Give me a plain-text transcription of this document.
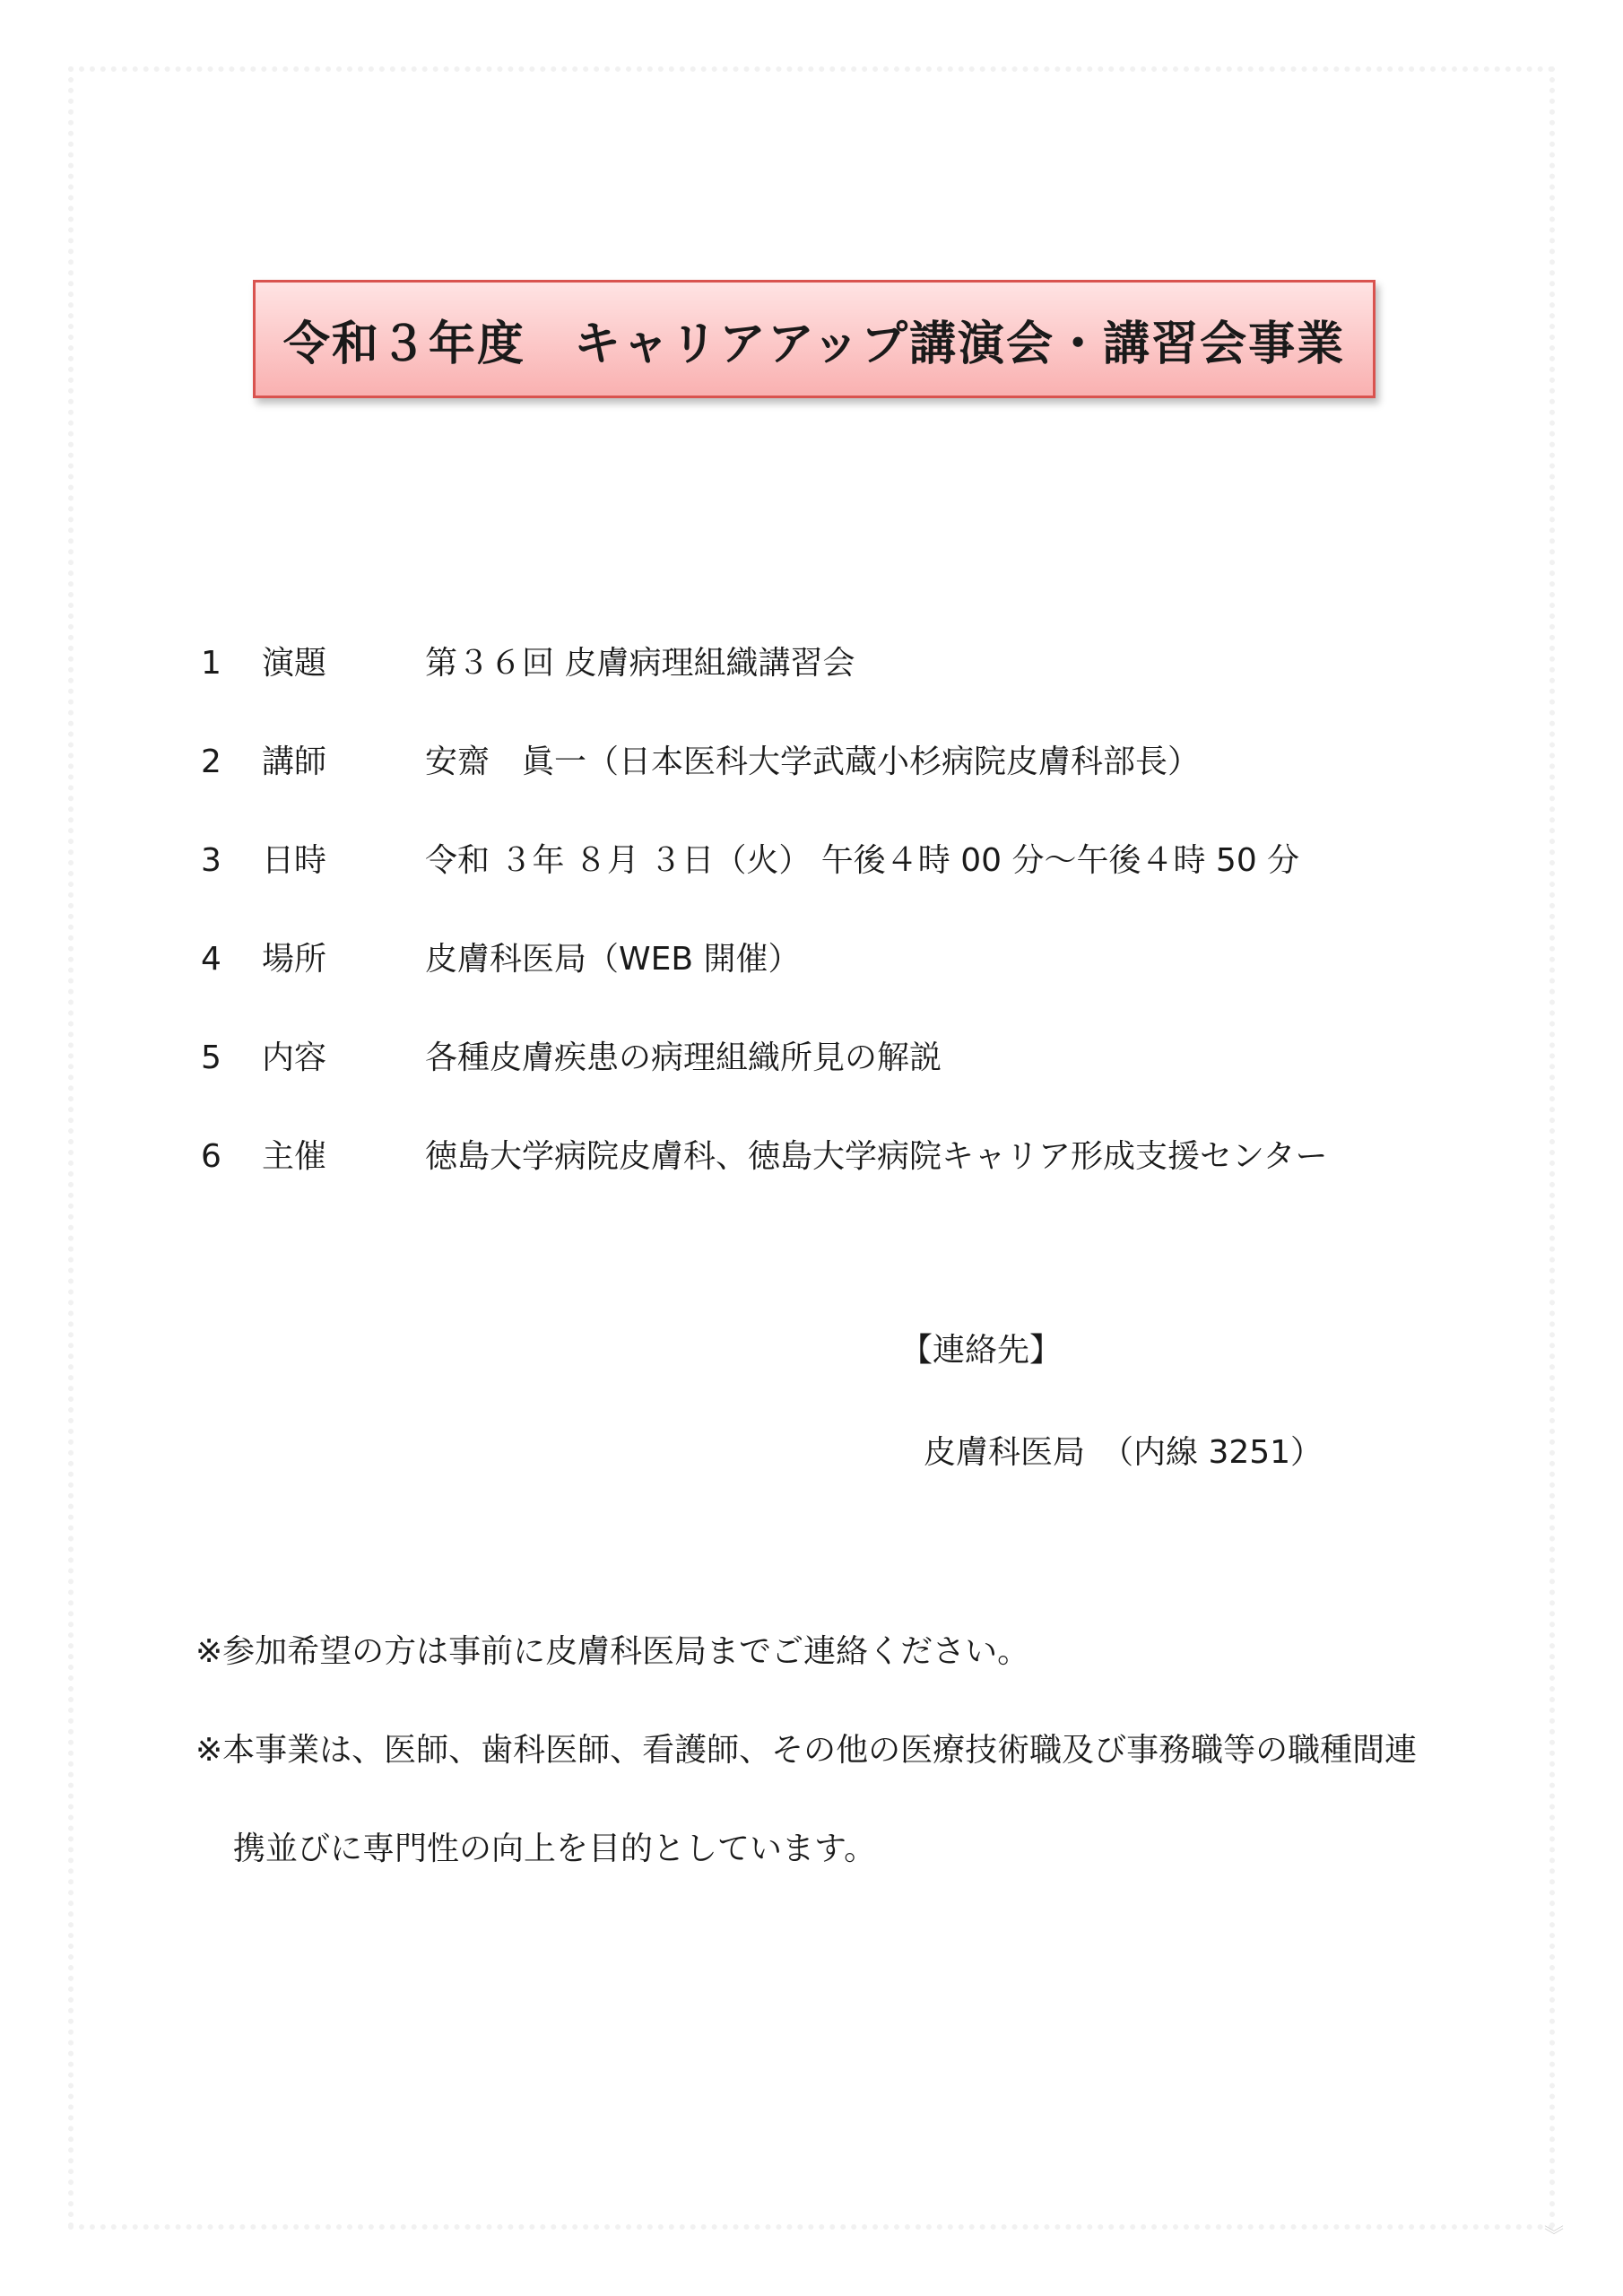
︾
令和３年度　キャリアアップ講演会・講習会事業
1	演題	第３６回 皮膚病理組織講習会
2	講師	安齋　眞一（日本医科大学武蔵小杉病院皮膚科部長）
3	日時	令和 ３年 ８月 ３日（火） 午後４時 00 分～午後４時 50 分
4	場所	皮膚科医局（WEB 開催）
5	内容	各種皮膚疾患の病理組織所見の解説
6	主催	徳島大学病院皮膚科、徳島大学病院キャリア形成支援センター
【連絡先】
皮膚科医局　（内線 3251）
※参加希望の方は事前に皮膚科医局までご連絡ください。
※本事業は、医師、歯科医師、看護師、その他の医療技術職及び事務職等の職種間連
携並びに専門性の向上を目的としています。
